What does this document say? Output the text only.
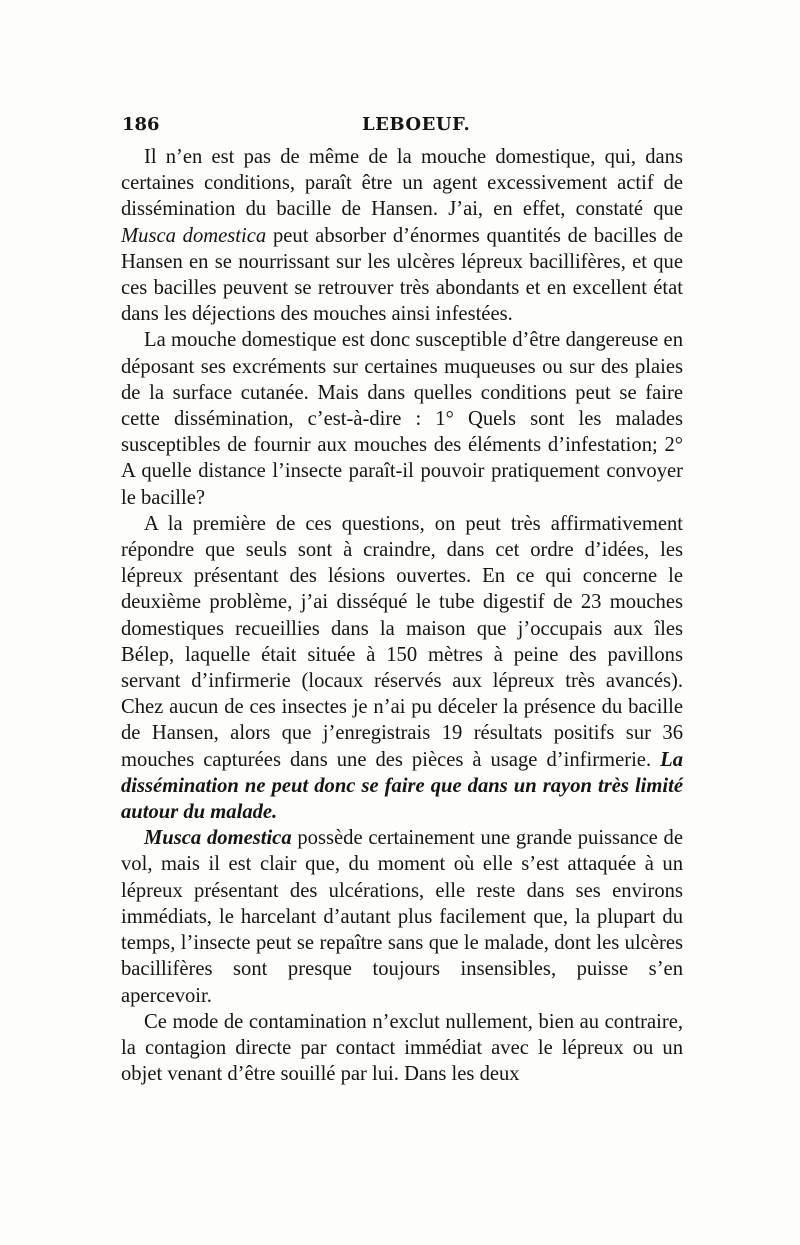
186	LEBOEUF.

Il n’en est pas de même de la mouche domestique, qui, dans certaines conditions, paraît être un agent excessivement actif de dissémination du bacille de Hansen. J’ai, en effet, constaté que Musca domestica peut absorber d’énormes quantités de bacilles de Hansen en se nourrissant sur les ulcères lépreux bacillifères, et que ces bacilles peuvent se retrouver très abondants et en excellent état dans les déjections des mouches ainsi infestées.

La mouche domestique est donc susceptible d’être dangereuse en déposant ses excréments sur certaines muqueuses ou sur des plaies de la surface cutanée. Mais dans quelles conditions peut se faire cette dissémination, c’est-à-dire : 1° Quels sont les malades susceptibles de fournir aux mouches des éléments d’infestation; 2° A quelle distance l’insecte paraît-il pouvoir pratiquement convoyer le bacille?

A la première de ces questions, on peut très affirmativement répondre que seuls sont à craindre, dans cet ordre d’idées, les lépreux présentant des lésions ouvertes. En ce qui concerne le deuxième problème, j’ai disséqué le tube digestif de 23 mouches domestiques recueillies dans la maison que j’occupais aux îles Bélep, laquelle était située à 150 mètres à peine des pavillons servant d’infirmerie (locaux réservés aux lépreux très avancés). Chez aucun de ces insectes je n’ai pu déceler la présence du bacille de Hansen, alors que j’enregistrais 19 résultats positifs sur 36 mouches capturées dans une des pièces à usage d’infirmerie. La dissémination ne peut donc se faire que dans un rayon très limité autour du malade.

Musca domestica possède certainement une grande puissance de vol, mais il est clair que, du moment où elle s’est attaquée à un lépreux présentant des ulcérations, elle reste dans ses environs immédiats, le harcelant d’autant plus facilement que, la plupart du temps, l’insecte peut se repaître sans que le malade, dont les ulcères bacillifères sont presque toujours insensibles, puisse s’en apercevoir.

Ce mode de contamination n’exclut nullement, bien au contraire, la contagion directe par contact immédiat avec le lépreux ou un objet venant d’être souillé par lui. Dans les deux
